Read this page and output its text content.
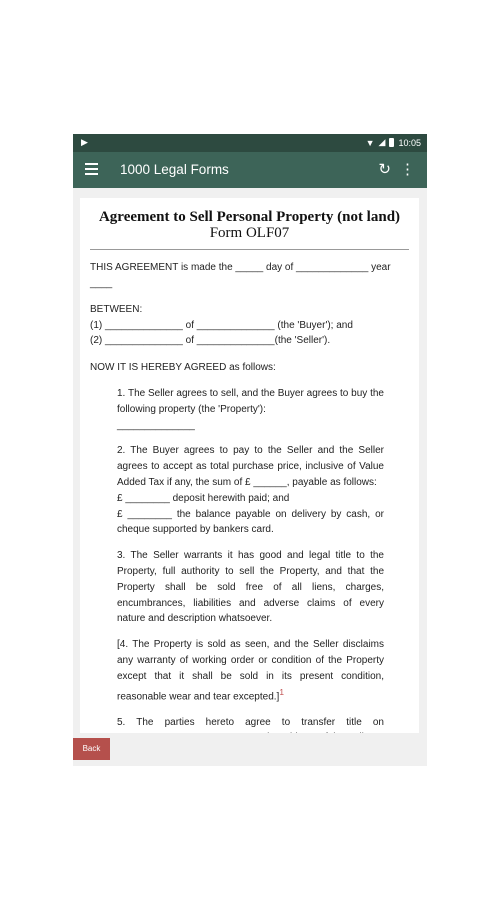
▶	▼ ◢ 10:05
1000 Legal Forms	↻ ⋮
Agreement to Sell Personal Property (not land) Form OLF07
THIS AGREEMENT is made the _____ day of _____________ year ____
BETWEEN:
(1) ______________ of ______________ (the 'Buyer'); and
(2) ______________ of ______________(the 'Seller').
NOW IT IS HEREBY AGREED as follows:
1. The Seller agrees to sell, and the Buyer agrees to buy the following property (the 'Property'):
______________
2. The Buyer agrees to pay to the Seller and the Seller agrees to accept as total purchase price, inclusive of Value Added Tax if any, the sum of £ ______, payable as follows:
£ ________ deposit herewith paid; and
£ ________ the balance payable on delivery by cash, or cheque supported by bankers card.
3. The Seller warrants it has good and legal title to the Property, full authority to sell the Property, and that the Property shall be sold free of all liens, charges, encumbrances, liabilities and adverse claims of every nature and description whatsoever.
[4. The Property is sold as seen, and the Seller disclaims any warranty of working order or condition of the Property except that it shall be sold in its present condition, reasonable wear and tear excepted.]$^1$
5. The parties hereto agree to transfer title on
Back
